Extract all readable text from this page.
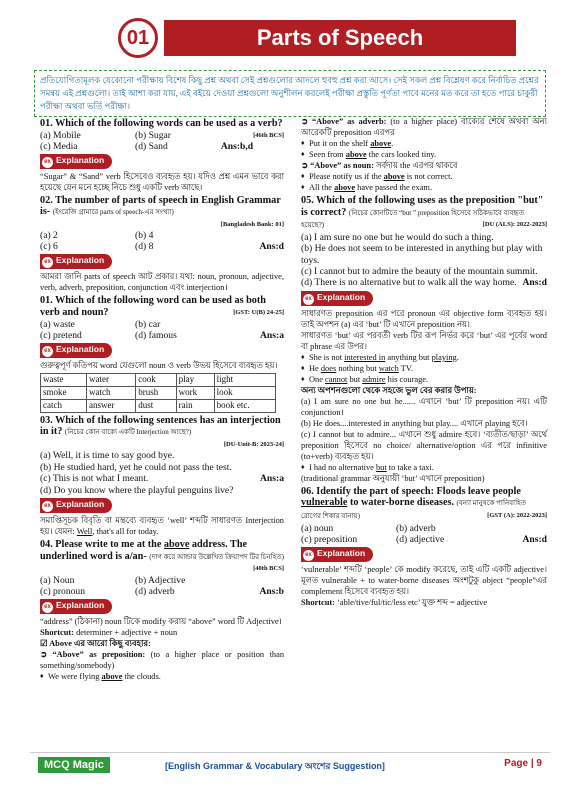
01	Parts of Speech
প্রতিযোগিতামূলক যেকোনো পরীক্ষায় বিশেষ কিছু প্রশ্ন অথবা সেই প্রশ্নগুলোর আদলে হুবহু প্রশ্ন করা আসে। সেই সকল প্রশ্ন বিশ্লেষণ করে নির্বাচিত প্রশ্নের সমন্বয় এই প্রশ্নগুলো। তাই আশা করা যায়, এই বইয়ে দেওয়া প্রশ্নগুলো অনুশীলন করলেই পরীক্ষা প্রস্তুতি পূর্ণতা পাবে মনের মত করে তা হতে পারে চাকুরী পরীক্ষা অথবা ভর্তি পরীক্ষা।
01. Which of the following words can be used as a verb?
[46th BCS]
(a) Mobile	(b) Sugar
(c) Media	(d) Sand	Ans:b,d
ex Explanation

“Sugar” & “Sand” verb হিসেবেও ব্যবহৃত হয়। যদিও প্রশ্ন এমন ভাবে করা হয়েছে যেন মনে হচ্ছে নিচে শুধু একটি verb আছে।

02. The number of parts of speech in English Grammar is- (ইংরেজি গ্রামারে parts of speech-এর সংখ্যা)

[Bangladesh Bank: 01]
(a) 2	(b) 4
(c) 6	(d) 8	Ans:d
ex Explanation

আমরা জানি parts of speech আট প্রকার। যথা: noun, pronoun, adjective, verb, adverb, preposition, conjunction এবং interjection।

01. Which of the following word can be used as both verb and noun?	[GST: U(B) 24-25]
(a) waste	(b) car
(c) pretend	(d) famous	Ans:a
ex Explanation

গুরুত্বপূর্ণ কতিপয় word যেগুলো noun ও verb উভয় হিসেবে ব্যবহৃত হয়।

waste	water	cook	play	light
smoke	watch	brush	work	look
catch	answer	dust	rain	book etc.
03. Which of the following sentences has an interjection in it? (নিচের কোন বাক্যে একটি Interjection আছে?)

[DU-Unit-B: 2023-24]
(a) Well, it is time to say good bye.
(b) He studied hard, yet he could not pass the test.
(c) This is not what I meant.	Ans:a
(d) Do you know where the playful penguins live?
ex Explanation

সমাপ্তিসূচক বিবৃতি বা মন্তব্যে ব্যবহৃত ‘well’ শব্দটি সাধারণত Interjection হয়। যেমন: Well, that's all for today.

04. Please write to me at the above address. The underlined word is a/an- (দাগ করে আন্ডার উল্লেখিত ক্রিয়াপদ টির চিনহিত)
[40th BCS]
(a) Noun	(b) Adjective
(c) pronoun	(d) adverb	Ans:b
ex Explanation

“address” (ঠিকানা) noun টিকে modify করায় “above” word টি Adjective।

Shortcut: determiner + adjective + noun

☑ Above এর আরো কিছু ব্যবহার:

➲ “Above” as preposition: (to a higher place or position than something/somebody)

♦ We were flying above the clouds.

➲ “Above” as adverb: (to a higher place) বাক্যের শেষে অথবা অন্য আরেকটি preposition এরপর

♦ Put it on the shelf above.

♦ Seen from above the cars looked tiny.

➲ “Above” as noun: সর্বদায় the এরপর থাকবে

♦ Please notify us if the above is not correct.

♦ All the above have passed the exam.

05. Which of the following uses as the preposition "but" is correct? (নিচের কোনটিতে “but ” preposition হিসেবে সঠিকভাবে ব্যবহৃত হয়েছে?)	[DU (ALS): 2022-2023]
(a) I am sure no one but he would do such a thing.
(b) He does not seem to be interested in anything but play with toys.
(c) I cannot but to admire the beauty of the mountain summit.
(d) There is no alternative but to walk all the way home. Ans:d
ex Explanation

সাধারণত preposition এর পরে pronoun এর objective form ব্যবহৃত হয়। তাই অপশন (a) এর ‘but’ টি এখানে preposition নয়।

সাধারণত ‘but’ এর পরবর্তী verb টির রূপ নির্ভর করে ‘but’ এর পূর্বের word বা phrase এর উপর।

♦ She is not interested in anything but playing.

♦ He does nothing but watch TV.

♦ One cannot but admire his courage.

অন্য অপশনগুলো থেকে সহজে ভুল বের করার উপায়:

(a) I am sure no one but he...... এখানে ‘but’ টি preposition নয়। এটি conjunction।

(b) He does....interested in anything but play.... এখানে playing হবে।

(c) I cannot but to admire... এখানে শুধু admire হবে। ‘ব্যতীত/ছাড়া’ অর্থে preposition হিসেবে no choice/ alternative/option এর পরে infinitive (to+verb) ব্যবহৃত হয়।

♦ I had no alternative but to take a taxi.

(traditional grammar অনুযায়ী ‘but’ এখানে preposition)

06. Identify the part of speech: Floods leave people vulnerable to water-borne diseases. (বন্যা মানুষকে পানিবাহিত রোগের শিকার বানায়)	[GST (A): 2022-2023]
(a) noun	(b) adverb
(c) preposition	(d) adjective	Ans:d
ex Explanation

‘vulnerable’ শব্দটি ‘people’ কে modify করেছে, তাই এটি একটি adjective। মূলত vulnerable + to water-borne diseases অংশটুকু object “people”এর complement হিসেবে ব্যবহৃত হয়।

Shortcut: ‘able/tive/ful/tic/less etc’ যুক্ত শব্দ = adjective

MCQ Magic	[English Grammar & Vocabulary অংশের Suggestion]	Page | 9
